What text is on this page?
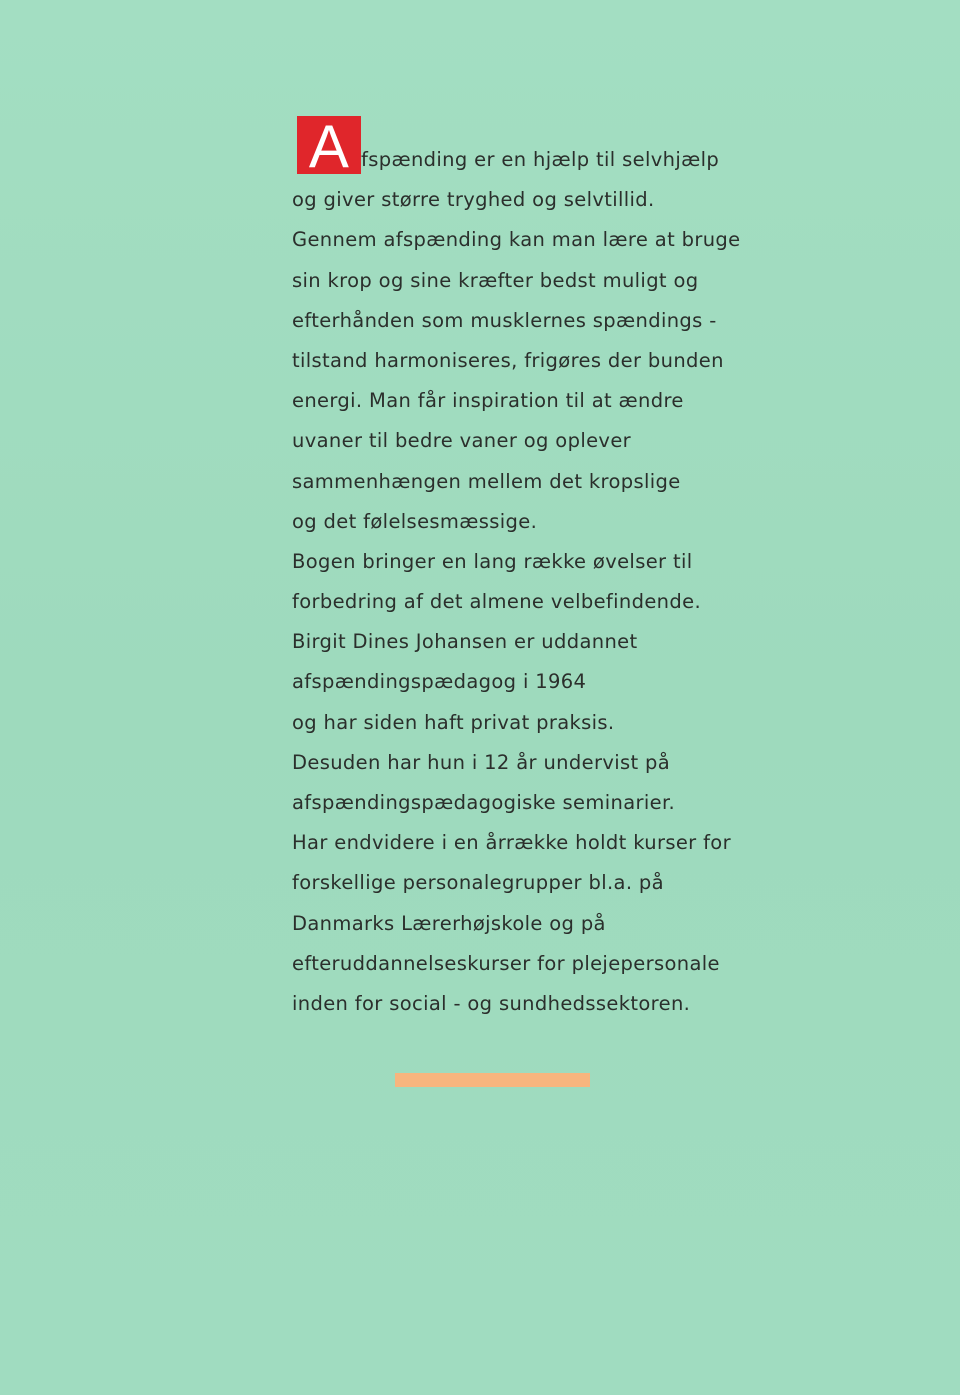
A fspænding er en hjælp til selvhjælp
og giver større tryghed og selvtillid.
Gennem afspænding kan man lære at bruge
sin krop og sine kræfter bedst muligt og
efterhånden som musklernes spændings -
tilstand harmoniseres, frigøres der bunden
energi. Man får inspiration til at ændre
uvaner til bedre vaner og oplever
sammenhængen mellem det kropslige
og det følelsesmæssige.
Bogen bringer en lang række øvelser til
forbedring af det almene velbefindende.
Birgit Dines Johansen er uddannet
afspændingspædagog i 1964
og har siden haft privat praksis.
Desuden har hun i 12 år undervist på
afspændingspædagogiske seminarier.
Har endvidere i en årrække holdt kurser for
forskellige personalegrupper bl.a. på
Danmarks Lærerhøjskole og på
efteruddannelseskurser for plejepersonale
inden for social - og sundhedssektoren.
